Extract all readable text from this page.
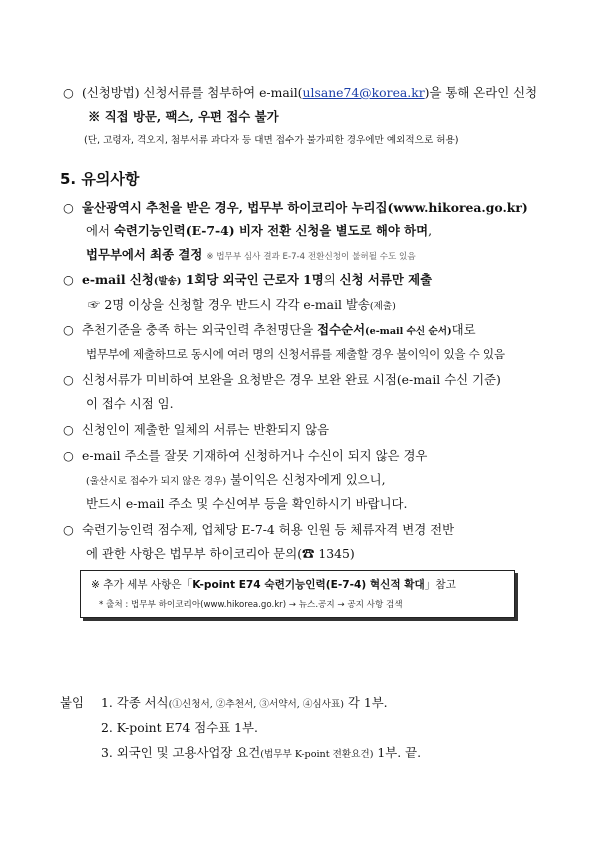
○ (신청방법) 신청서류를 첨부하여 e-mail(ulsane74@korea.kr)을 통해 온라인 신청
※ 직접 방문, 팩스, 우편 접수 불가
(단, 고령자, 격오지, 첨부서류 과다자 등 대면 접수가 불가피한 경우에만 예외적으로 허용)
5. 유의사항
○ 울산광역시 추천을 받은 경우, 법무부 하이코리아 누리집(www.hikorea.go.kr)
에서 숙련기능인력(E-7-4) 비자 전환 신청을 별도로 해야 하며,
법무부에서 최종 결정 ※ 법무부 심사 결과 E-7-4 전환신청이 불허될 수도 있음
○ e-mail 신청(발송) 1회당 외국인 근로자 1명의 신청 서류만 제출
☞ 2명 이상을 신청할 경우 반드시 각각 e-mail 발송(제출)
○ 추천기준을 충족 하는 외국인력 추천명단을 접수순서(e-mail 수신 순서)대로
법무부에 제출하므로 동시에 여러 명의 신청서류를 제출할 경우 불이익이 있을 수 있음
○ 신청서류가 미비하여 보완을 요청받은 경우 보완 완료 시점(e-mail 수신 기준)
이 접수 시점 임.
○ 신청인이 제출한 일체의 서류는 반환되지 않음
○ e-mail 주소를 잘못 기재하여 신청하거나 수신이 되지 않은 경우
(울산시로 접수가 되지 않은 경우) 불이익은 신청자에게 있으니,
반드시 e-mail 주소 및 수신여부 등을 확인하시기 바랍니다.
○ 숙련기능인력 점수제, 업체당 E-7-4 허용 인원 등 체류자격 변경 전반
에 관한 사항은 법무부 하이코리아 문의(☎ 1345)
※ 추가 세부 사항은「K-point E74 숙련기능인력(E-7-4) 혁신적 확대」참고
* 출처 : 법무부 하이코리아(www.hikorea.go.kr) → 뉴스.공지 → 공지 사항 검색
붙임 1. 각종 서식(①신청서, ②추천서, ③서약서, ④심사표) 각 1부.
2. K-point E74 점수표 1부.
3. 외국인 및 고용사업장 요건(법무부 K-point 전환요건) 1부. 끝.
